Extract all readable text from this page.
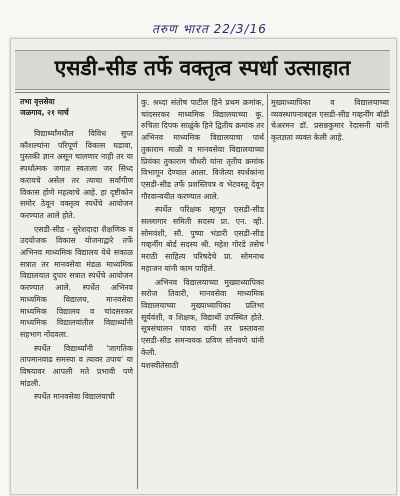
तरुण भारत 22/3/16
एसडी-सीड तर्फे वक्तृत्व स्पर्धा उत्साहात
तभा वृत्तसेवा
जळगाव, २१ मार्च

विद्यार्थ्यांमधील विविध सुप्त कौशल्यांना परिपूर्ण विकास घडावा, पुस्तकी ज्ञान असून चालणार नाही तर या स्पर्धात्मक जगात स्वतःला जर सिध्द करायचे असेल तर त्याचा सर्वांगीण विकास होणे महत्वाचे आहे. हा दृष्टीकोन समोर ठेवून वक्तृत्व स्पर्धेचे आयोजन करण्यात आले होते.

एसडी-सीड - सुरेशदादा शैक्षणिक व उदयोजक विकास योजनाद्वारे तर्फे अभिनव माध्यमिक विद्यालय येथे सकाळ सत्रात तर मानवसेवा मंडळ माध्यमिक विद्यालयात दुपार सत्रात स्पर्धेचे आयोजन करण्यात आले. स्पर्धेत अभिनव माध्यमिक विद्यालय, मानवसेवा माध्यमिक विद्यालय व चांदसरकर माध्यमिक विद्यालयांतील विद्यार्थ्यांनी सहभाग नोंदवला.

स्पर्धेत विद्यार्थ्यांनी 'जागतिक तापमानवाढ समस्या व त्यावर उपाय' या विषयावर आपली मते प्रभावी पणे मांडली.

स्पर्धेत मानवसेवा विद्यालयाची

कु. श्रध्दा संतोष पाटील हिने प्रथम क्रमांक, चांदसरकर माध्यमिक विद्यालयाच्या कु. रुचिता दिपक साळुंके हिने द्वितीय क्रमांक तर अभिनव माध्यमिक विद्यालयाचा पार्थ तुकाराम माळी व मानवसेवा विद्यालयाच्या प्रियंका तुकाराम चौधरी यांना तृतीय क्रमांक विभागून देण्यात आला. विजेत्या स्पर्धकांना एसडी-सीड तर्फे प्रशस्तिपत्र व भेटवस्तू देवून गौरवान्वयीत करण्यात आले.

स्पर्धेत परिक्षक म्हणून एसडी-सीड सल्लागार समिती सदस्य प्रा. एन. व्ही. सोमवंशी, सौ. पुष्पा भंडारी एसडी-सीड गव्हर्नीग बोर्ड सदस्य श्री. महेश गोरडे तसेच मराठी साहित्य परिषदेचे प्रा. सोमनाथ महाजन यांनी काम पाहिले.

अभिनव विद्यालयाच्या मुख्याध्यापिका सरोज तिवारी, मानवसेवा माध्यमिक विद्यालयाच्या मुख्याध्यापिका प्रतिभा सूर्यवंशी, व शिक्षक, विद्यार्थी उपस्थित होते. सूत्रसंचालन पावरा यांनी तर प्रस्तावना एसडी-सीड समन्वयक प्रविण सोनवणे यांनी केली.

यशस्वीतेसाठी

मुख्याध्यापिका व विद्यालयाच्या व्यवस्थापनाबद्दल एसडी-सीड गव्हर्नींग बॉडी चेअरमन डॉ. प्रसन्नकुमार रेदासनी यांनी कृतज्ञता व्यक्त केली आहे.
